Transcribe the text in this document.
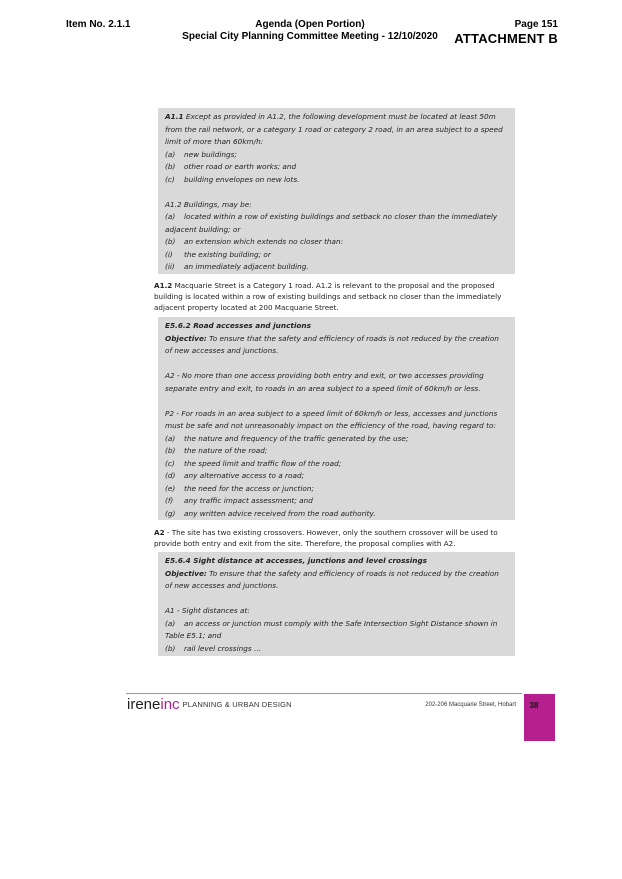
Item No. 2.1.1	Agenda (Open Portion)
Special City Planning Committee Meeting - 12/10/2020
Page 151
ATTACHMENT B
A1.1 Except as provided in A1.2, the following development must be located at least 50m
from the rail network, or a category 1 road or category 2 road, in an area subject to a speed
limit of more than 60km/h:
(a) new buildings;
(b) other road or earth works; and
(c) building envelopes on new lots.
A1.2 Buildings, may be:
(a) located within a row of existing buildings and setback no closer than the immediately
adjacent building; or
(b) an extension which extends no closer than:
(i) the existing building; or
(ii) an immediately adjacent building.
A1.2 Macquarie Street is a Category 1 road. A1.2 is relevant to the proposal and the proposed
building is located within a row of existing buildings and setback no closer than the immediately
adjacent property located at 200 Macquarie Street.
E5.6.2 Road accesses and junctions
Objective: To ensure that the safety and efficiency of roads is not reduced by the creation
of new accesses and junctions.
A2 - No more than one access providing both entry and exit, or two accesses providing
separate entry and exit, to roads in an area subject to a speed limit of 60km/h or less.
P2 - For roads in an area subject to a speed limit of 60km/h or less, accesses and junctions
must be safe and not unreasonably impact on the efficiency of the road, having regard to:
(a) the nature and frequency of the traffic generated by the use;
(b) the nature of the road;
(c) the speed limit and traffic flow of the road;
(d) any alternative access to a road;
(e) the need for the access or junction;
(f) any traffic impact assessment; and
(g) any written advice received from the road authority.
A2 - The site has two existing crossovers. However, only the southern crossover will be used to
provide both entry and exit from the site. Therefore, the proposal complies with A2.
E5.6.4 Sight distance at accesses, junctions and level crossings
Objective: To ensure that the safety and efficiency of roads is not reduced by the creation
of new accesses and junctions.
A1 - Sight distances at:
(a) an access or junction must comply with the Safe Intersection Sight Distance shown in
Table E5.1; and
(b) rail level crossings …
ireneinc $^{PLANNING \& URBAN DESIGN}$	202-206 Macquarie Street, Hobart	38
